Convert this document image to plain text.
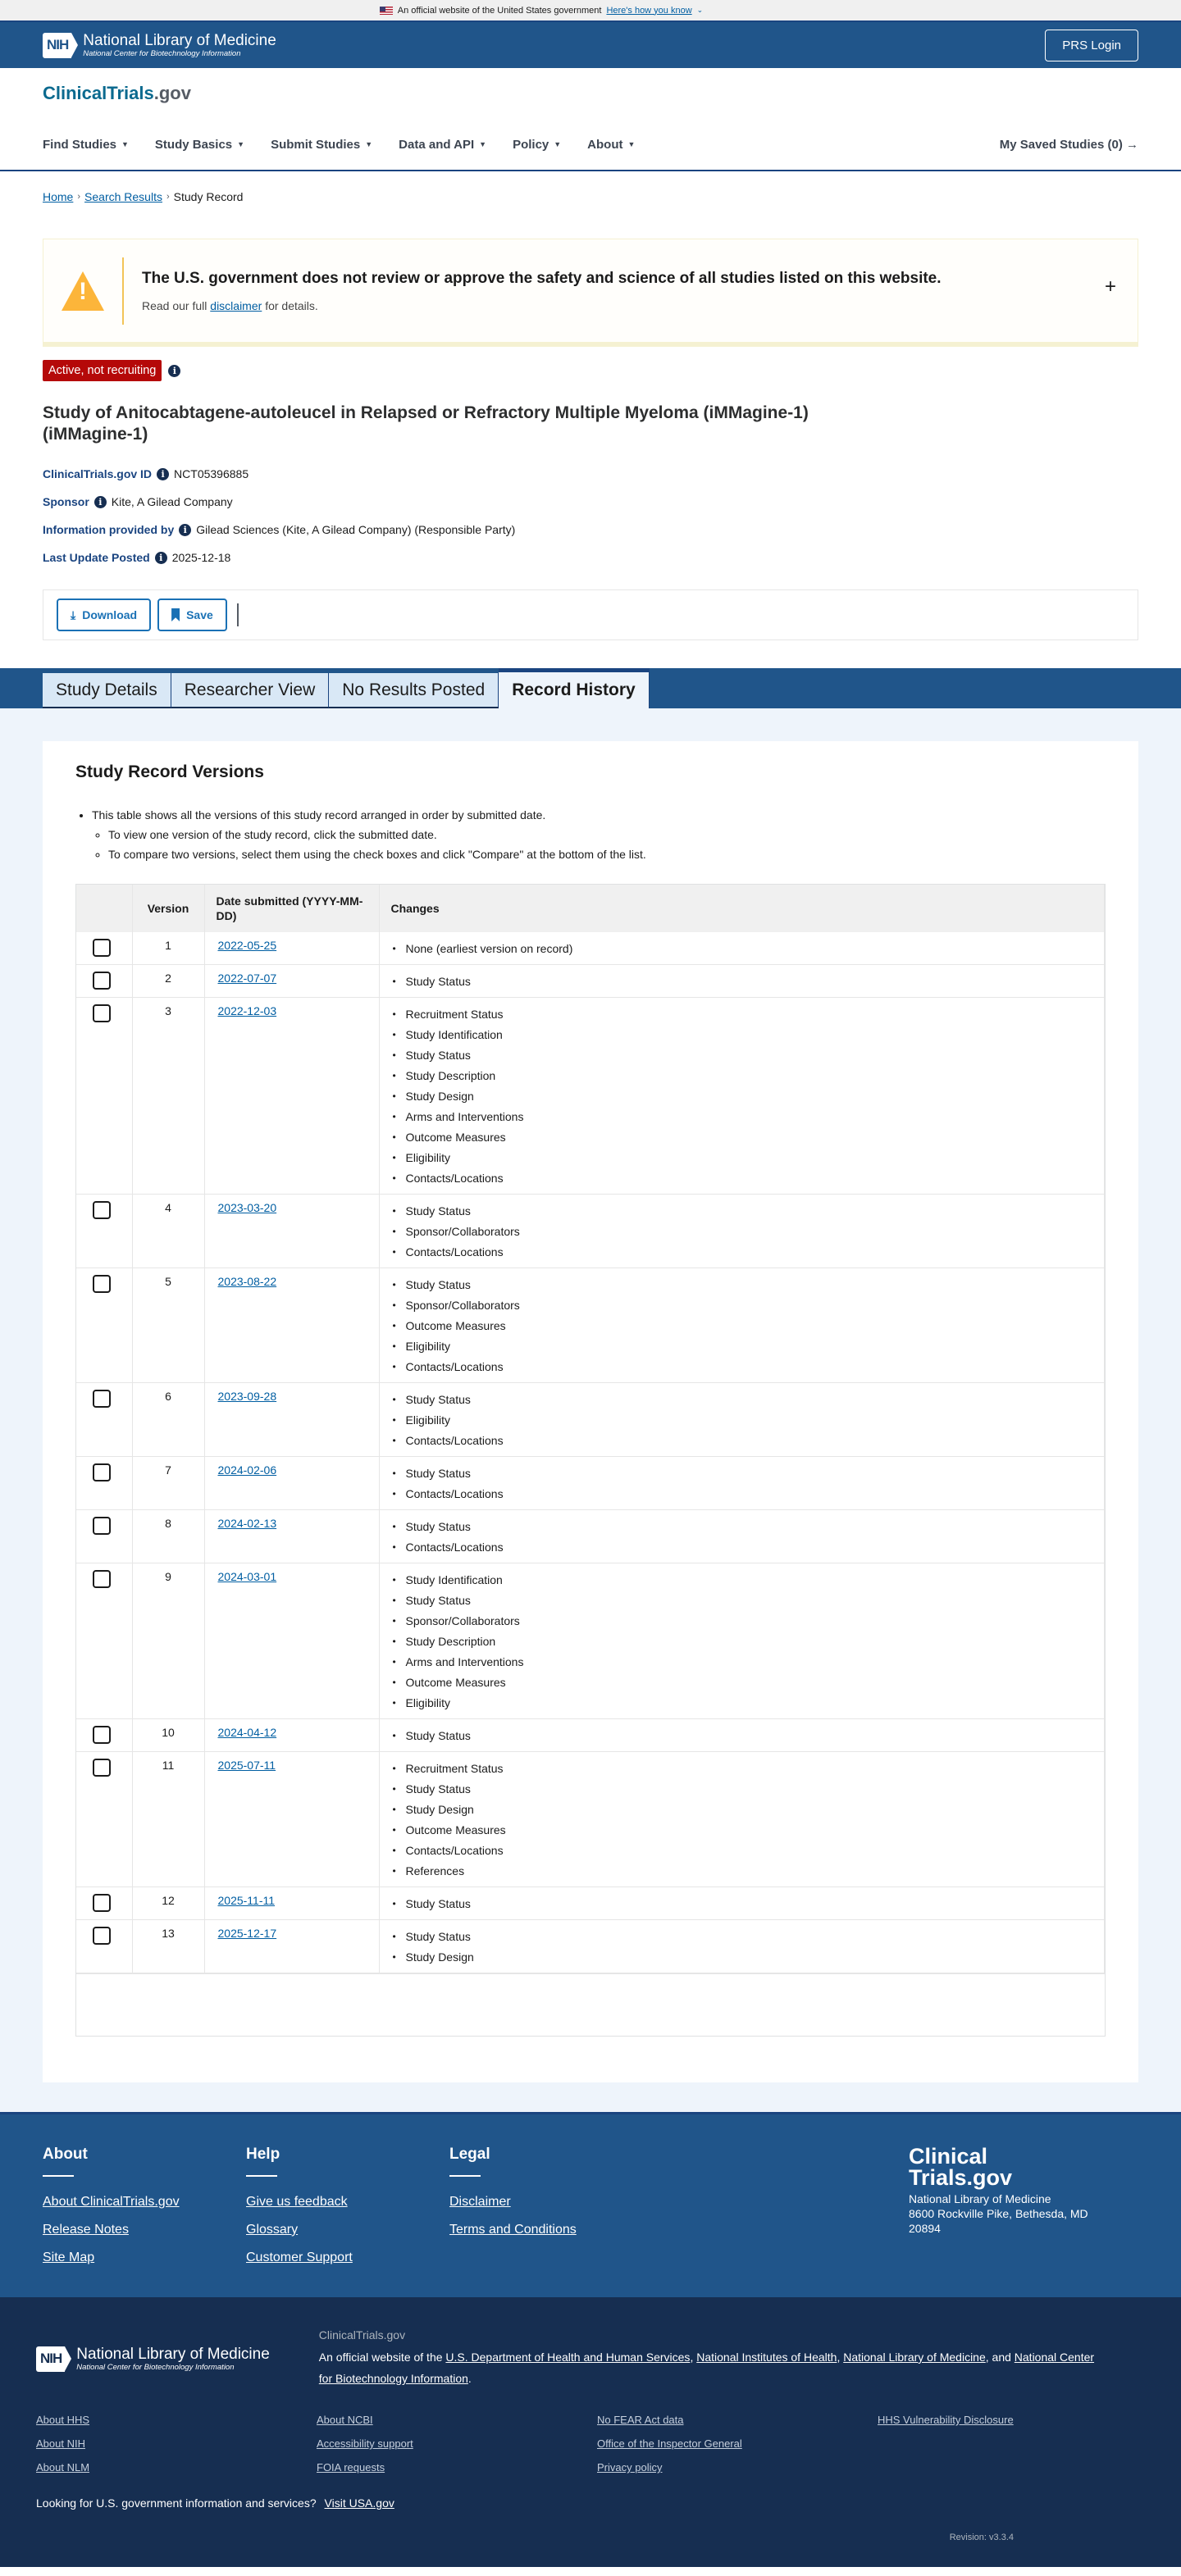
An official website of the United States government Here's how you know ⌄
NIH National Library of Medicine
National Center for Biotechnology Information
PRS Login
ClinicalTrials.gov
Find Studies ▼ Study Basics ▼ Submit Studies ▼ Data and API ▼ Policy ▼ About ▼	My Saved Studies (0) →
Home › Search Results › Study Record
!
The U.S. government does not review or approve the safety and science of all studies listed on this website.
Read our full disclaimer for details.
+
Active, not recruiting	i
Study of Anitocabtagene-autoleucel in Relapsed or Refractory Multiple Myeloma (iMMagine-1) (iMMagine-1)
ClinicalTrials.gov ID	i NCT05396885
Sponsor	i Kite, A Gilead Company
Information provided by	i Gilead Sciences (Kite, A Gilead Company) (Responsible Party)
Last Update Posted	i 2025-12-18
⤓ Download	Save
Study Details	Researcher View	No Results Posted	Record History
Study Record Versions
• This table shows all the versions of this study record arranged in order by submitted date.
◦ To view one version of the study record, click the submitted date.
◦ To compare two versions, select them using the check boxes and click "Compare" at the bottom of the list.
	Version	Date submitted (YYYY-MM-DD)	Changes

	1	2022-05-25	
•None (earliest version on record)

	2	2022-07-07	
•Study Status

	3	2022-12-03	
•Recruitment Status
• Study Identification
• Study Status
• Study Description
• Study Design
• Arms and Interventions
• Outcome Measures
• Eligibility
• Contacts/Locations

	4	2023-03-20	
•Study Status
• Sponsor/Collaborators
• Contacts/Locations

	5	2023-08-22	
•Study Status
• Sponsor/Collaborators
• Outcome Measures
• Eligibility
• Contacts/Locations

	6	2023-09-28	
•Study Status
• Eligibility
• Contacts/Locations

	7	2024-02-06	
•Study Status
• Contacts/Locations

	8	2024-02-13	
•Study Status
• Contacts/Locations

	9	2024-03-01	
•Study Identification
• Study Status
• Sponsor/Collaborators
• Study Description
• Arms and Interventions
• Outcome Measures
• Eligibility

	10	2024-04-12	
•Study Status

	11	2025-07-11	
•Recruitment Status
• Study Status
• Study Design
• Outcome Measures
• Contacts/Locations
• References

	12	2025-11-11	
•Study Status

	13	2025-12-17	
•Study Status
• Study Design
About
About ClinicalTrials.gov
Release Notes
Site Map
Help
Give us feedback
Glossary
Customer Support
Legal
Disclaimer
Terms and Conditions
Clinical
Trials.gov
National Library of Medicine
8600 Rockville Pike, Bethesda, MD
20894
NIH National Library of Medicine
National Center for Biotechnology Information
ClinicalTrials.gov
An official website of the U.S. Department of Health and Human Services, National Institutes of Health, National Library of Medicine, and National Center for Biotechnology Information.
About HHS	About NCBI	No FEAR Act data	HHS Vulnerability Disclosure
About NIH	Accessibility support	Office of the Inspector General
About NLM	FOIA requests	Privacy policy
Looking for U.S. government information and services? Visit USA.gov
Revision: v3.3.4
